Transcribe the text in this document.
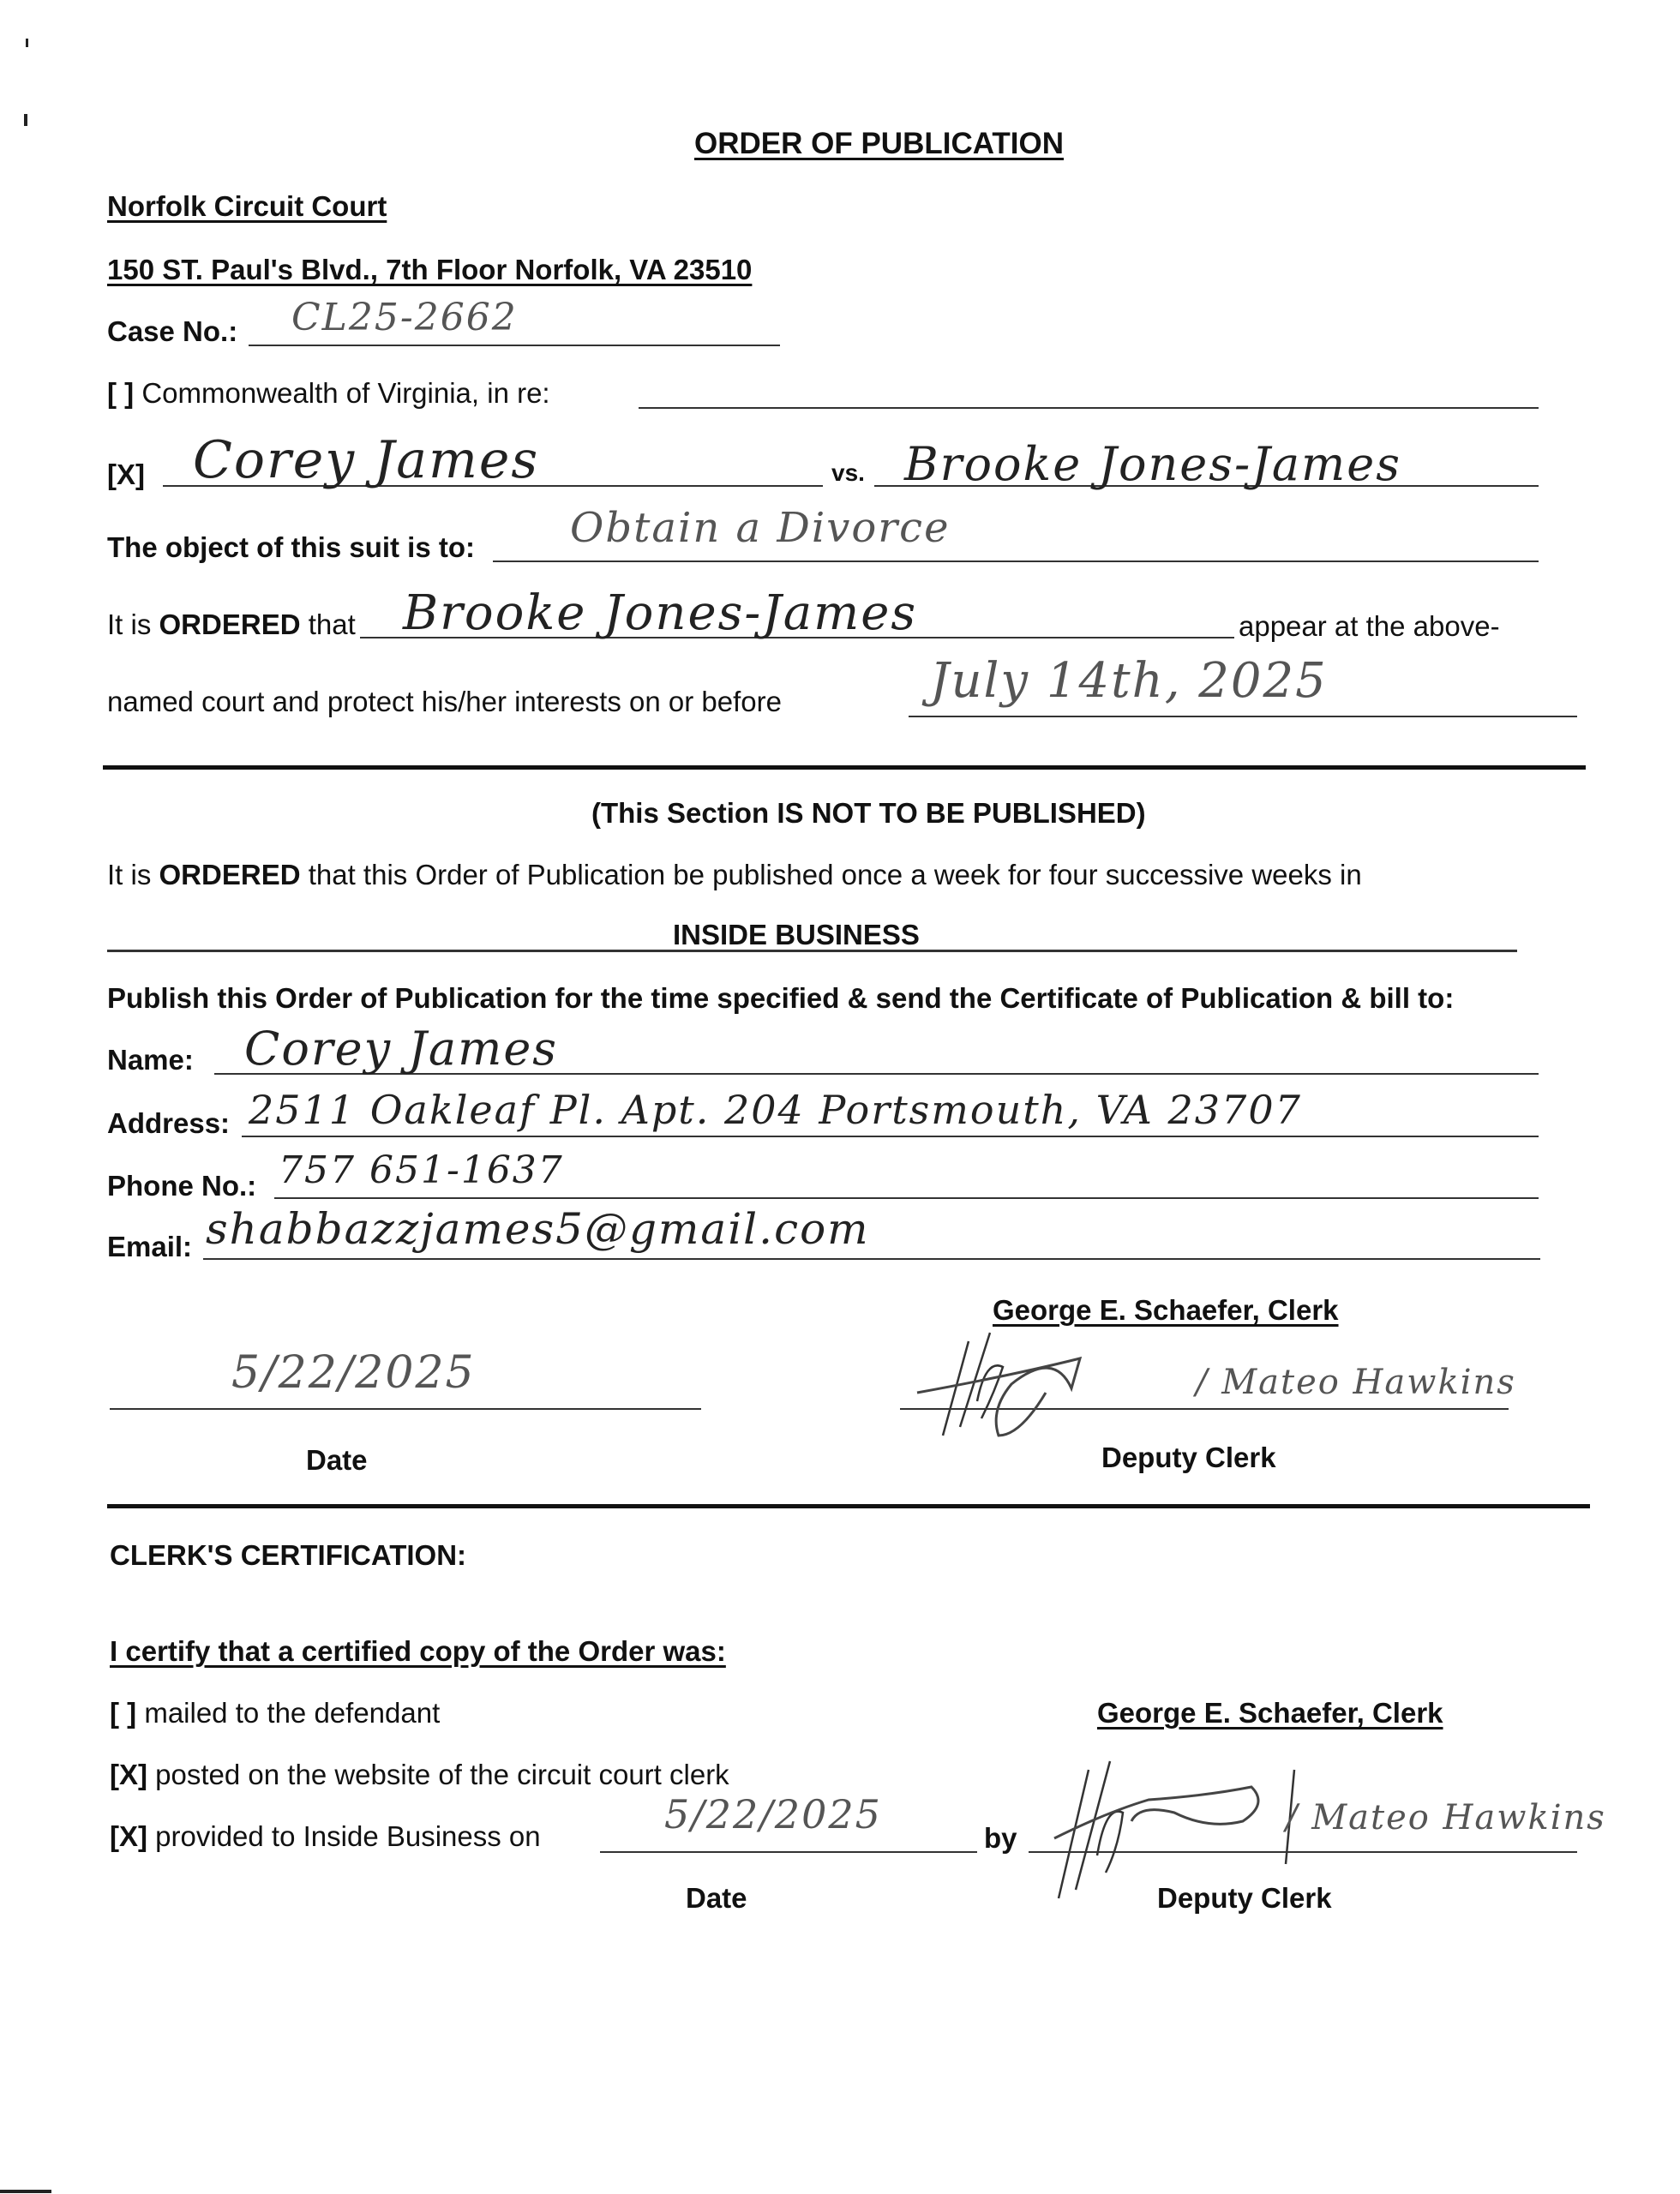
ORDER OF PUBLICATION
Norfolk Circuit Court
150 ST. Paul's Blvd., 7th Floor Norfolk, VA 23510
Case No.: CL25-2662
[ ] Commonwealth of Virginia, in re:
[X] Corey James	vs. Brooke Jones-James
The object of this suit is to: Obtain a Divorce
It is ORDERED that Brooke Jones-James	appear at the above-
named court and protect his/her interests on or before	July 14th, 2025
(This Section IS NOT TO BE PUBLISHED)
It is ORDERED that this Order of Publication be published once a week for four successive weeks in
INSIDE BUSINESS
Publish this Order of Publication for the time specified & send the Certificate of Publication & bill to:
Name: Corey James
Address: 2511 Oakleaf Pl. Apt. 204 Portsmouth, VA 23707
Phone No.: 757 651-1637
Email: shabbazzjames5@gmail.com
George E. Schaefer, Clerk
5/22/2025
Date
/ Mateo Hawkins
Deputy Clerk
CLERK'S CERTIFICATION:
I certify that a certified copy of the Order was:
[ ] mailed to the defendant
[X] posted on the website of the circuit court clerk
[X] provided to Inside Business on	5/22/2025
by
George E. Schaefer, Clerk
/ Mateo Hawkins
Date	Deputy Clerk
